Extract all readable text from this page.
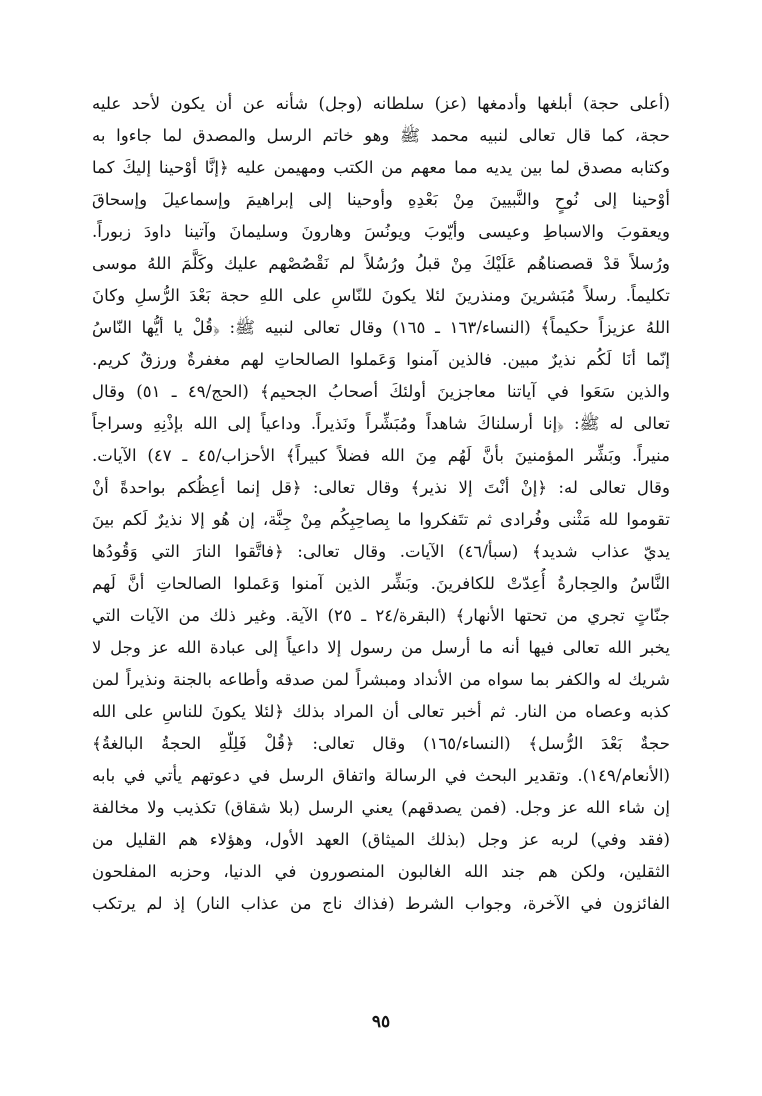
(أعلى حجة) أبلغها وأدمغها (عز) سلطانه (وجل) شأنه عن أن يكون لأحد عليه
حجة، كما قال تعالى لنبيه محمد ﷺ وهو خاتم الرسل والمصدق لما جاءوا به
وكتابه مصدق لما بين يديه مما معهم من الكتب ومهيمن عليه ﴿إنَّا أوْحينا إليكَ كما
أوْحينا إلى نُوحٍ والنَّبيينَ مِنْ بَعْدِهِ وأوحينا إلى إبراهيمَ وإسماعيلَ وإسحاقَ
ويعقوبَ والاسباطِ وعيسى وأيّوبَ ويونُسَ وهارونَ وسليمانَ وآتينا داودَ زبوراً.
ورُسلاً قدْ قصصناهُم عَلَيْكَ مِنْ قبلُ ورُسُلاً لم نَقْصُصْهم عليك وكَلَّمَ اللهُ موسى
تكليماً. رسلاً مُبَشرينَ ومنذرينَ لئلا يكونَ للنّاسِ على اللهِ حجة بَعْدَ الرُّسلِ وكانَ
اللهُ عزيزاً حكيماً﴾ (النساء/١٦٣ ـ ١٦٥) وقال تعالى لنبيه ﷺ: ﴿قُلْ يا أيُّها النّاسُ
إنّما أنَا لَكُم نذيرٌ مبين. فالذين آمنوا وَعَملوا الصالحاتِ لهم مغفرةٌ ورزقٌ كريم.
والذين سَعَوا في آياتنا معاجزينَ أولئكَ أصحابُ الجحيم﴾ (الحج/٤٩ ـ ٥١) وقال
تعالى له ﷺ: ﴿إنا أرسلناكَ شاهداً ومُبَشِّراً ونَذيراً. وداعياً إلى الله بإذْنِهِ وسراجاً
منيراً. وبَشِّر المؤمنينَ بأنَّ لَهُم مِنَ الله فضلاً كبيراً﴾ الأحزاب/٤٥ ـ ٤٧) الآيات.
وقال تعالى له: ﴿إنْ أنْتَ إلا نذير﴾ وقال تعالى: ﴿قل إنما أعِظُكم بواحدةً أنْ
تقوموا لله مَثْنى وفُرادى ثم تتَفكروا ما بِصاحِبِكُم مِنْ جِنَّة، إن هُو إلا نذيرٌ لَكم بينَ
يديّ عذاب شديد﴾ (سبأ/٤٦) الآيات. وقال تعالى: ﴿فاتَّقوا النارَ التي وَقُودُها
النَّاسُ والحِجارةُ أُعِدّتْ للكافرينَ. وبَشِّر الذين آمنوا وَعَملوا الصالحاتِ أنَّ لَهم
جنّاتٍ تجري من تحتها الأنهار﴾ (البقرة/٢٤ ـ ٢٥) الآية. وغير ذلك من الآيات التي
يخبر الله تعالى فيها أنه ما أرسل من رسول إلا داعياً إلى عبادة الله عز وجل لا
شريك له والكفر بما سواه من الأنداد ومبشراً لمن صدقه وأطاعه بالجنة ونذيراً لمن
كذبه وعصاه من النار. ثم أخبر تعالى أن المراد بذلك ﴿لئلا يكونَ للناسِ على الله
حجةٌ بَعْدَ الرُّسل﴾ (النساء/١٦٥) وقال تعالى: ﴿قُلْ فَلِلّهِ الحجةُ البالغةُ﴾
(الأنعام/١٤٩). وتقدير البحث في الرسالة واتفاق الرسل في دعوتهم يأتي في بابه
إن شاء الله عز وجل. (فمن يصدقهم) يعني الرسل (بلا شقاق) تكذيب ولا مخالفة
(فقد وفي) لربه عز وجل (بذلك الميثاق) العهد الأول، وهؤلاء هم القليل من
الثقلين، ولكن هم جند الله الغالبون المنصورون في الدنيا، وحزبه المفلحون
الفائزون في الآخرة، وجواب الشرط (فذاك ناج من عذاب النار) إذ لم يرتكب
٩٥
